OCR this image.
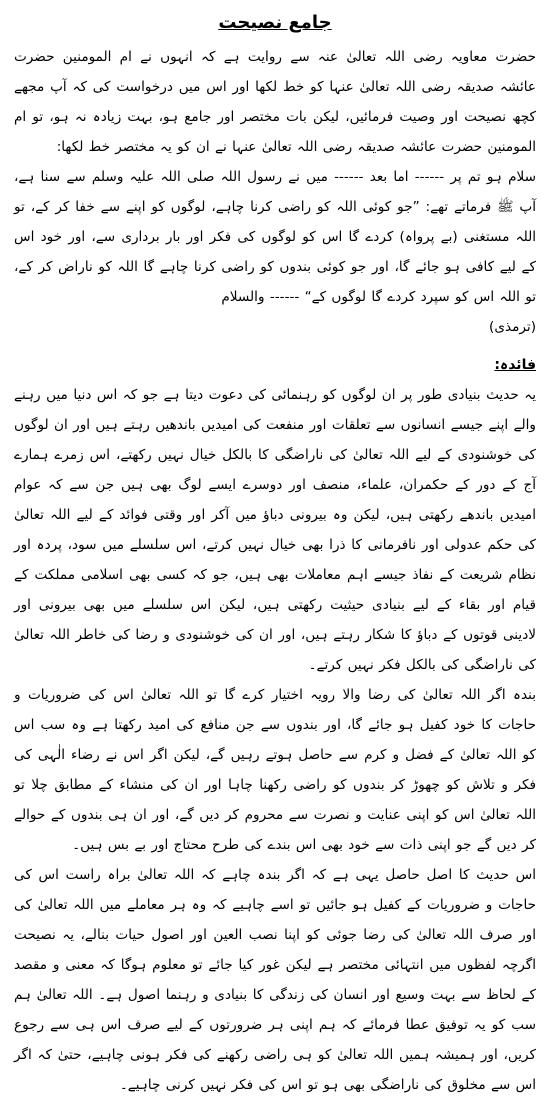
جامع نصیحت

حضرت معاویہ رضی اللہ تعالیٰ عنہ سے روایت ہے کہ انہوں نے ام المومنین حضرت عائشہ صدیقہ رضی اللہ تعالیٰ عنہا کو خط لکھا اور اس میں درخواست کی کہ آپ مجھے کچھ نصیحت اور وصیت فرمائیں، لیکن بات مختصر اور جامع ہو، بہت زیادہ نہ ہو، تو ام المومنین حضرت عائشہ صدیقہ رضی اللہ تعالیٰ عنہا نے ان کو یہ مختصر خط لکھا:

سلام ہو تم پر ------ اما بعد ------ میں نے رسول اللہ صلی اللہ علیہ وسلم سے سنا ہے، آپ ﷺ فرماتے تھے: ”جو کوئی اللہ کو راضی کرنا چاہے، لوگوں کو اپنے سے خفا کر کے، تو اللہ مستغنی (بے پرواہ) کردے گا اس کو لوگوں کی فکر اور بار برداری سے، اور خود اس کے لیے کافی ہو جائے گا، اور جو کوئی بندوں کو راضی کرنا چاہے گا اللہ کو ناراض کر کے، تو اللہ اس کو سپرد کردے گا لوگوں کے“ ------ والسلام

(ترمذی)

فائدہ:

یہ حدیث بنیادی طور پر ان لوگوں کو رہنمائی کی دعوت دیتا ہے جو کہ اس دنیا میں رہنے والے اپنے جیسے انسانوں سے تعلقات اور منفعت کی امیدیں باندھیں رہتے ہیں اور ان لوگوں کی خوشنودی کے لیے اللہ تعالیٰ کی ناراضگی کا بالکل خیال نہیں رکھتے، اس زمرے ہمارے آج کے دور کے حکمران، علماء، منصف اور دوسرے ایسے لوگ بھی ہیں جن سے کہ عوام امیدیں باندھے رکھتی ہیں، لیکن وہ بیرونی دباؤ میں آکر اور وقتی فوائد کے لیے اللہ تعالیٰ کی حکم عدولی اور نافرمانی کا ذرا بھی خیال نہیں کرتے، اس سلسلے میں سود، پردہ اور نظام شریعت کے نفاذ جیسے اہم معاملات بھی ہیں، جو کہ کسی بھی اسلامی مملکت کے قیام اور بقاء کے لیے بنیادی حیثیت رکھتی ہیں، لیکن اس سلسلے میں بھی بیرونی اور لادینی قوتوں کے دباؤ کا شکار رہتے ہیں، اور ان کی خوشنودی و رضا کی خاطر اللہ تعالیٰ کی ناراضگی کی بالکل فکر نہیں کرتے۔

بندہ اگر اللہ تعالیٰ کی رضا والا رویہ اختیار کرے گا تو اللہ تعالیٰ اس کی ضروریات و حاجات کا خود کفیل ہو جائے گا، اور بندوں سے جن منافع کی امید رکھتا ہے وہ سب اس کو اللہ تعالیٰ کے فضل و کرم سے حاصل ہوتے رہیں گے، لیکن اگر اس نے رضاء الٰہی کی فکر و تلاش کو چھوڑ کر بندوں کو راضی رکھنا چاہا اور ان کی منشاء کے مطابق چلا تو اللہ تعالیٰ اس کو اپنی عنایت و نصرت سے محروم کر دیں گے، اور ان ہی بندوں کے حوالے کر دیں گے جو اپنی ذات سے خود بھی اس بندے کی طرح محتاج اور بے بس ہیں۔

اس حدیث کا اصل حاصل یہی ہے کہ اگر بندہ چاہے کہ اللہ تعالیٰ براہ راست اس کی حاجات و ضروریات کے کفیل ہو جائیں تو اسے چاہیے کہ وہ ہر معاملے میں اللہ تعالیٰ کی اور صرف اللہ تعالیٰ کی رضا جوئی کو اپنا نصب العین اور اصول حیات بنالے، یہ نصیحت اگرچہ لفظوں میں انتہائی مختصر ہے لیکن غور کیا جائے تو معلوم ہوگا کہ معنی و مقصد کے لحاظ سے بہت وسیع اور انسان کی زندگی کا بنیادی و رہنما اصول ہے۔ اللہ تعالیٰ ہم سب کو یہ توفیق عطا فرمائے کہ ہم اپنی ہر ضرورتوں کے لیے صرف اس ہی سے رجوع کریں، اور ہمیشہ ہمیں اللہ تعالیٰ کو ہی راضی رکھنے کی فکر ہونی چاہیے، حتیٰ کہ اگر اس سے مخلوق کی ناراضگی بھی ہو تو اس کی فکر نہیں کرنی چاہیے۔
